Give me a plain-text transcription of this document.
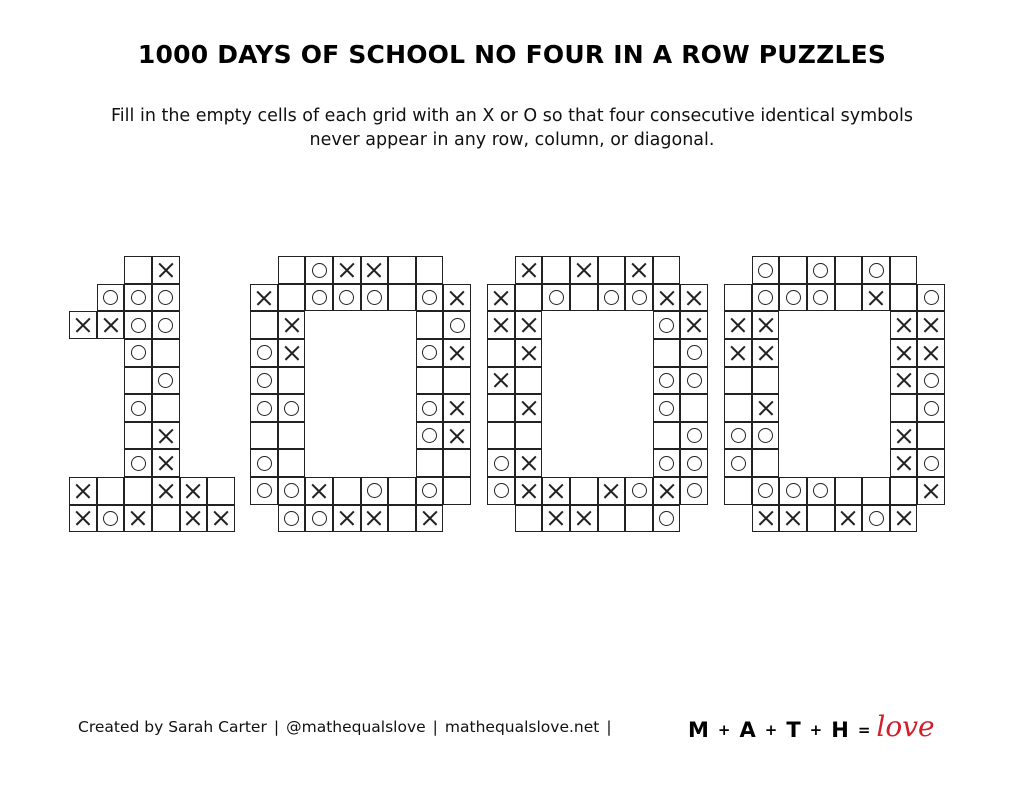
1000 DAYS OF SCHOOL NO FOUR IN A ROW PUZZLES
Fill in the empty cells of each grid with an X or O so that four consecutive identical symbols
never appear in any row, column, or diagonal.
Created by Sarah Carter | @mathequalslove | mathequalslove.net |	M + A + T + H = love
